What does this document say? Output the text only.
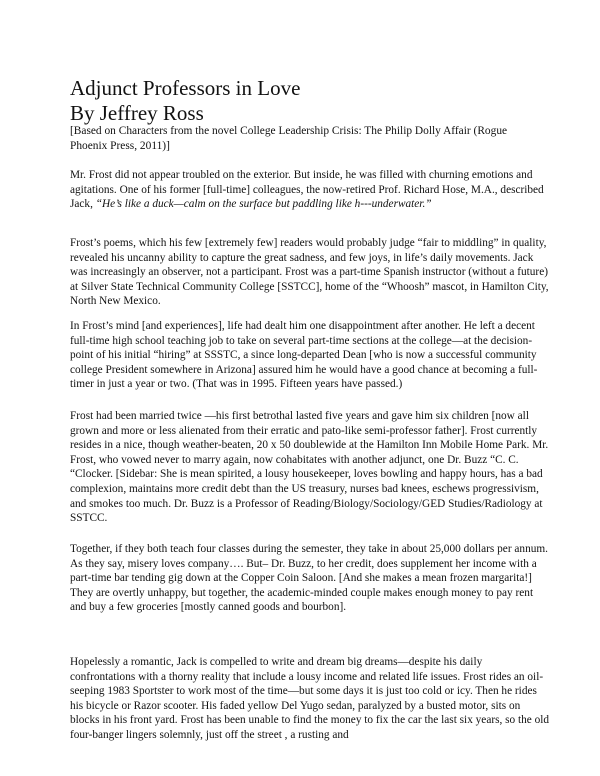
Adjunct Professors in Love
By Jeffrey Ross

[Based on Characters from the novel College Leadership Crisis: The Philip Dolly Affair (Rogue Phoenix Press, 2011)]

Mr. Frost did not appear troubled on the exterior. But inside, he was filled with churning emotions and agitations. One of his former [full-time] colleagues, the now-retired Prof. Richard Hose, M.A., described Jack, “He’s like a duck—calm on the surface but paddling like h---underwater.”

Frost’s poems, which his few [extremely few] readers would probably judge “fair to middling” in quality, revealed his uncanny ability to capture the great sadness, and few joys, in life’s daily movements. Jack was increasingly an observer, not a participant. Frost was a part-time Spanish instructor (without a future) at Silver State Technical Community College [SSTCC], home of the “Whoosh” mascot, in Hamilton City, North New Mexico.

In Frost’s mind [and experiences], life had dealt him one disappointment after another. He left a decent full-time high school teaching job to take on several part-time sections at the college—at the decision-point of his initial “hiring” at SSSTC, a since long-departed Dean [who is now a successful community college President somewhere in Arizona] assured him he would have a good chance at becoming a full-timer in just a year or two. (That was in 1995. Fifteen years have passed.)

Frost had been married twice —his first betrothal lasted five years and gave him six children [now all grown and more or less alienated from their erratic and pato-like semi-professor father]. Frost currently resides in a nice, though weather-beaten, 20 x 50 doublewide at the Hamilton Inn Mobile Home Park. Mr. Frost, who vowed never to marry again, now cohabitates with another adjunct, one Dr. Buzz “C. C. “Clocker. [Sidebar: She is mean spirited, a lousy housekeeper, loves bowling and happy hours, has a bad complexion, maintains more credit debt than the US treasury, nurses bad knees, eschews progressivism, and smokes too much. Dr. Buzz is a Professor of Reading/Biology/Sociology/GED Studies/Radiology at SSTCC.

Together, if they both teach four classes during the semester, they take in about 25,000 dollars per annum. As they say, misery loves company…. But– Dr. Buzz, to her credit, does supplement her income with a part-time bar tending gig down at the Copper Coin Saloon. [And she makes a mean frozen margarita!] They are overtly unhappy, but together, the academic-minded couple makes enough money to pay rent and buy a few groceries [mostly canned goods and bourbon].

Hopelessly a romantic, Jack is compelled to write and dream big dreams—despite his daily confrontations with a thorny reality that include a lousy income and related life issues. Frost rides an oil-seeping 1983 Sportster to work most of the time—but some days it is just too cold or icy. Then he rides his bicycle or Razor scooter. His faded yellow Del Yugo sedan, paralyzed by a busted motor, sits on blocks in his front yard. Frost has been unable to find the money to fix the car the last six years, so the old four-banger lingers solemnly, just off the street , a rusting and
